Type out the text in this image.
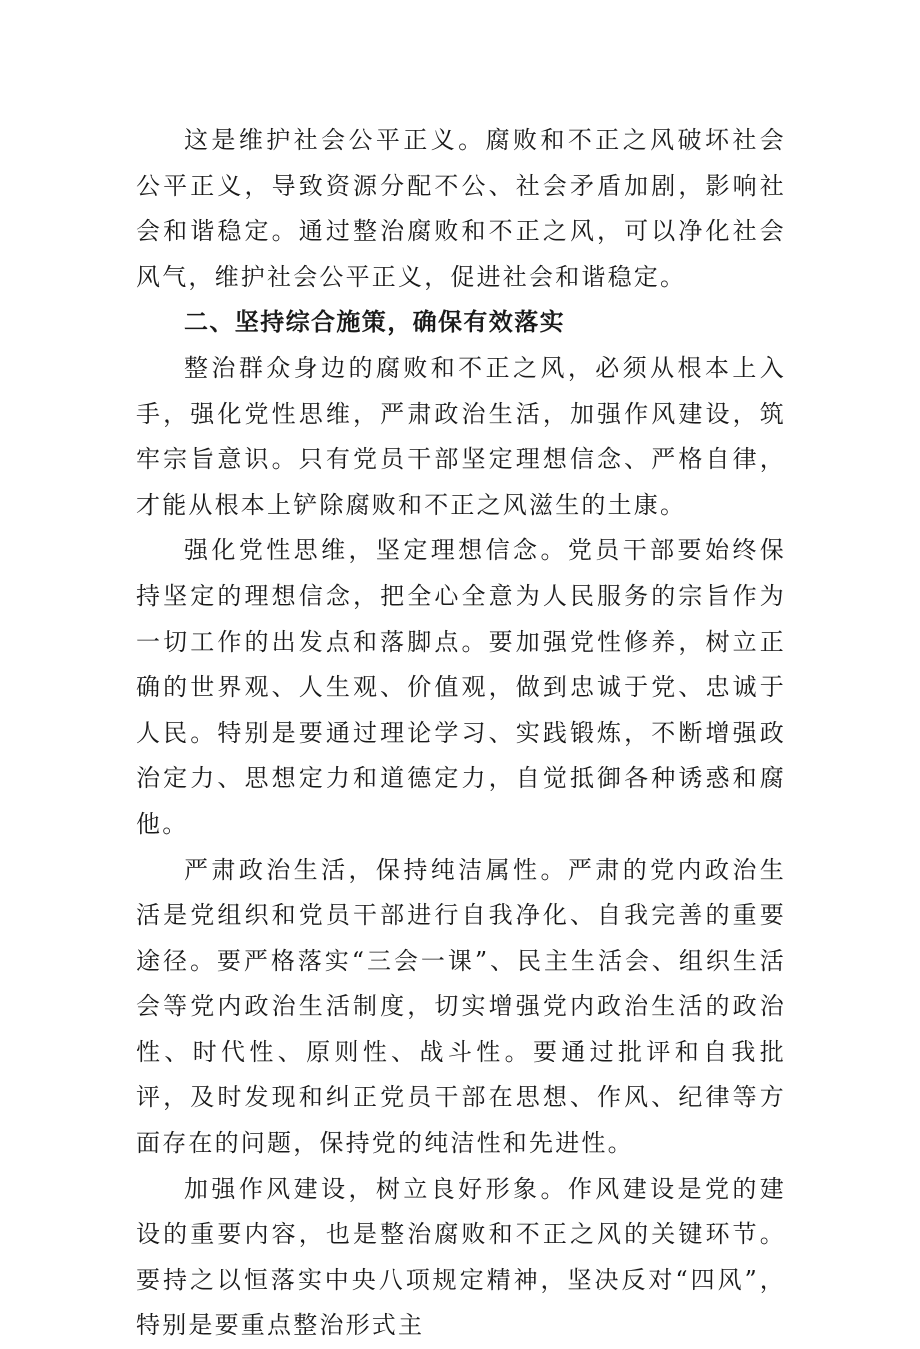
这是维护社会公平正义。腐败和不正之风破坏社会公平正义，导致资源分配不公、社会矛盾加剧，影响社会和谐稳定。通过整治腐败和不正之风，可以净化社会风气，维护社会公平正义，促进社会和谐稳定。

二、坚持综合施策，确保有效落实

整治群众身边的腐败和不正之风，必须从根本上入手，强化党性思维，严肃政治生活，加强作风建设，筑牢宗旨意识。只有党员干部坚定理想信念、严格自律，才能从根本上铲除腐败和不正之风滋生的土康。

强化党性思维，坚定理想信念。党员干部要始终保持坚定的理想信念，把全心全意为人民服务的宗旨作为一切工作的出发点和落脚点。要加强党性修养，树立正确的世界观、人生观、价值观，做到忠诚于党、忠诚于人民。特别是要通过理论学习、实践锻炼，不断增强政治定力、思想定力和道德定力，自觉抵御各种诱惑和腐他。

严肃政治生活，保持纯洁属性。严肃的党内政治生活是党组织和党员干部进行自我净化、自我完善的重要途径。要严格落实“三会一课”、民主生活会、组织生活会等党内政治生活制度，切实增强党内政治生活的政治性、时代性、原则性、战斗性。要通过批评和自我批评，及时发现和纠正党员干部在思想、作风、纪律等方面存在的问题，保持党的纯洁性和先进性。

加强作风建设，树立良好形象。作风建设是党的建设的重要内容，也是整治腐败和不正之风的关键环节。要持之以恒落实中央八项规定精神，坚决反对“四风”，特别是要重点整治形式主
